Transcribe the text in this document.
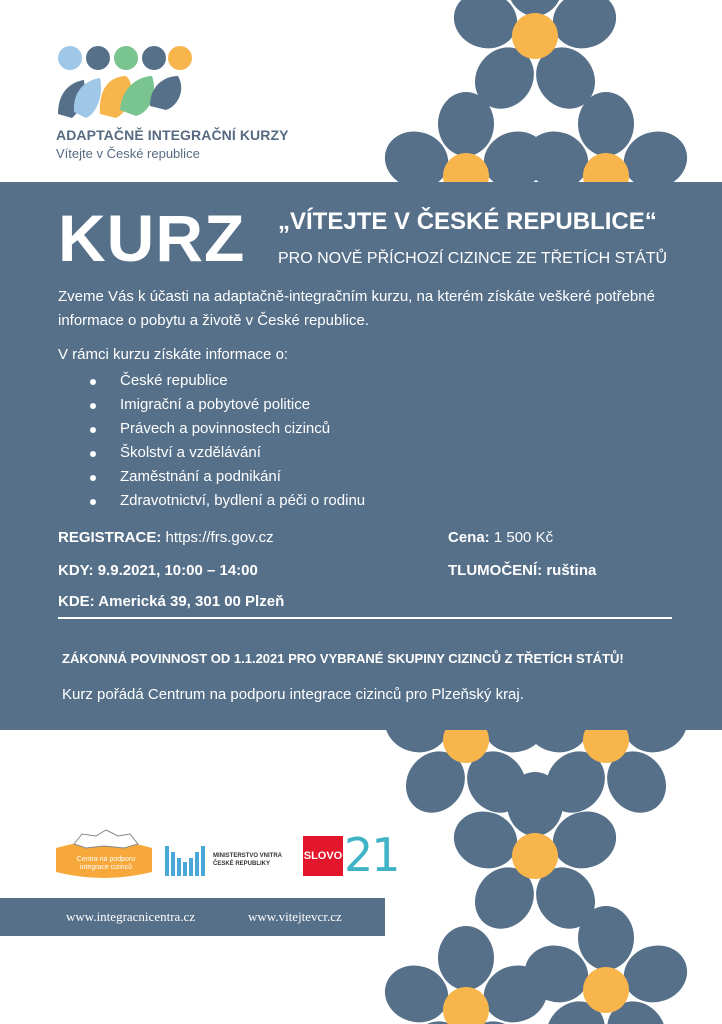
ADAPTAČNĚ INTEGRAČNÍ KURZY
Vítejte v České republice
KURZ „VÍTEJTE V ČESKÉ REPUBLICE“
PRO NOVĚ PŘÍCHOZÍ CIZINCE ZE TŘETÍCH STÁTŮ
Zveme Vás k účasti na adaptačně-integračním kurzu, na kterém získáte veškeré potřebné
informace o pobytu a životě v České republice.
V rámci kurzu získáte informace o:
České republice
Imigrační a pobytové politice
Právech a povinnostech cizinců
Školství a vzdělávání
Zaměstnání a podnikání
Zdravotnictví, bydlení a péči o rodinu
REGISTRACE: https://frs.gov.cz	Cena: 1 500 Kč
KDY: 9.9.2021, 10:00 – 14:00	TLUMOČENÍ: ruština
KDE: Americká 39, 301 00 Plzeň
ZÁKONNÁ POVINNOST OD 1.1.2021 PRO VYBRANÉ SKUPINY CIZINCŮ Z TŘETÍCH STÁTŮ!
Kurz pořádá Centrum na podporu integrace cizinců pro Plzeňský kraj.
Centra na podporu
integrace cizinců
MINISTERSTVO VNITRA
ČESKÉ REPUBLIKY
SLOVO 21
www.integracnicentra.cz	www.vitejtevcr.cz
